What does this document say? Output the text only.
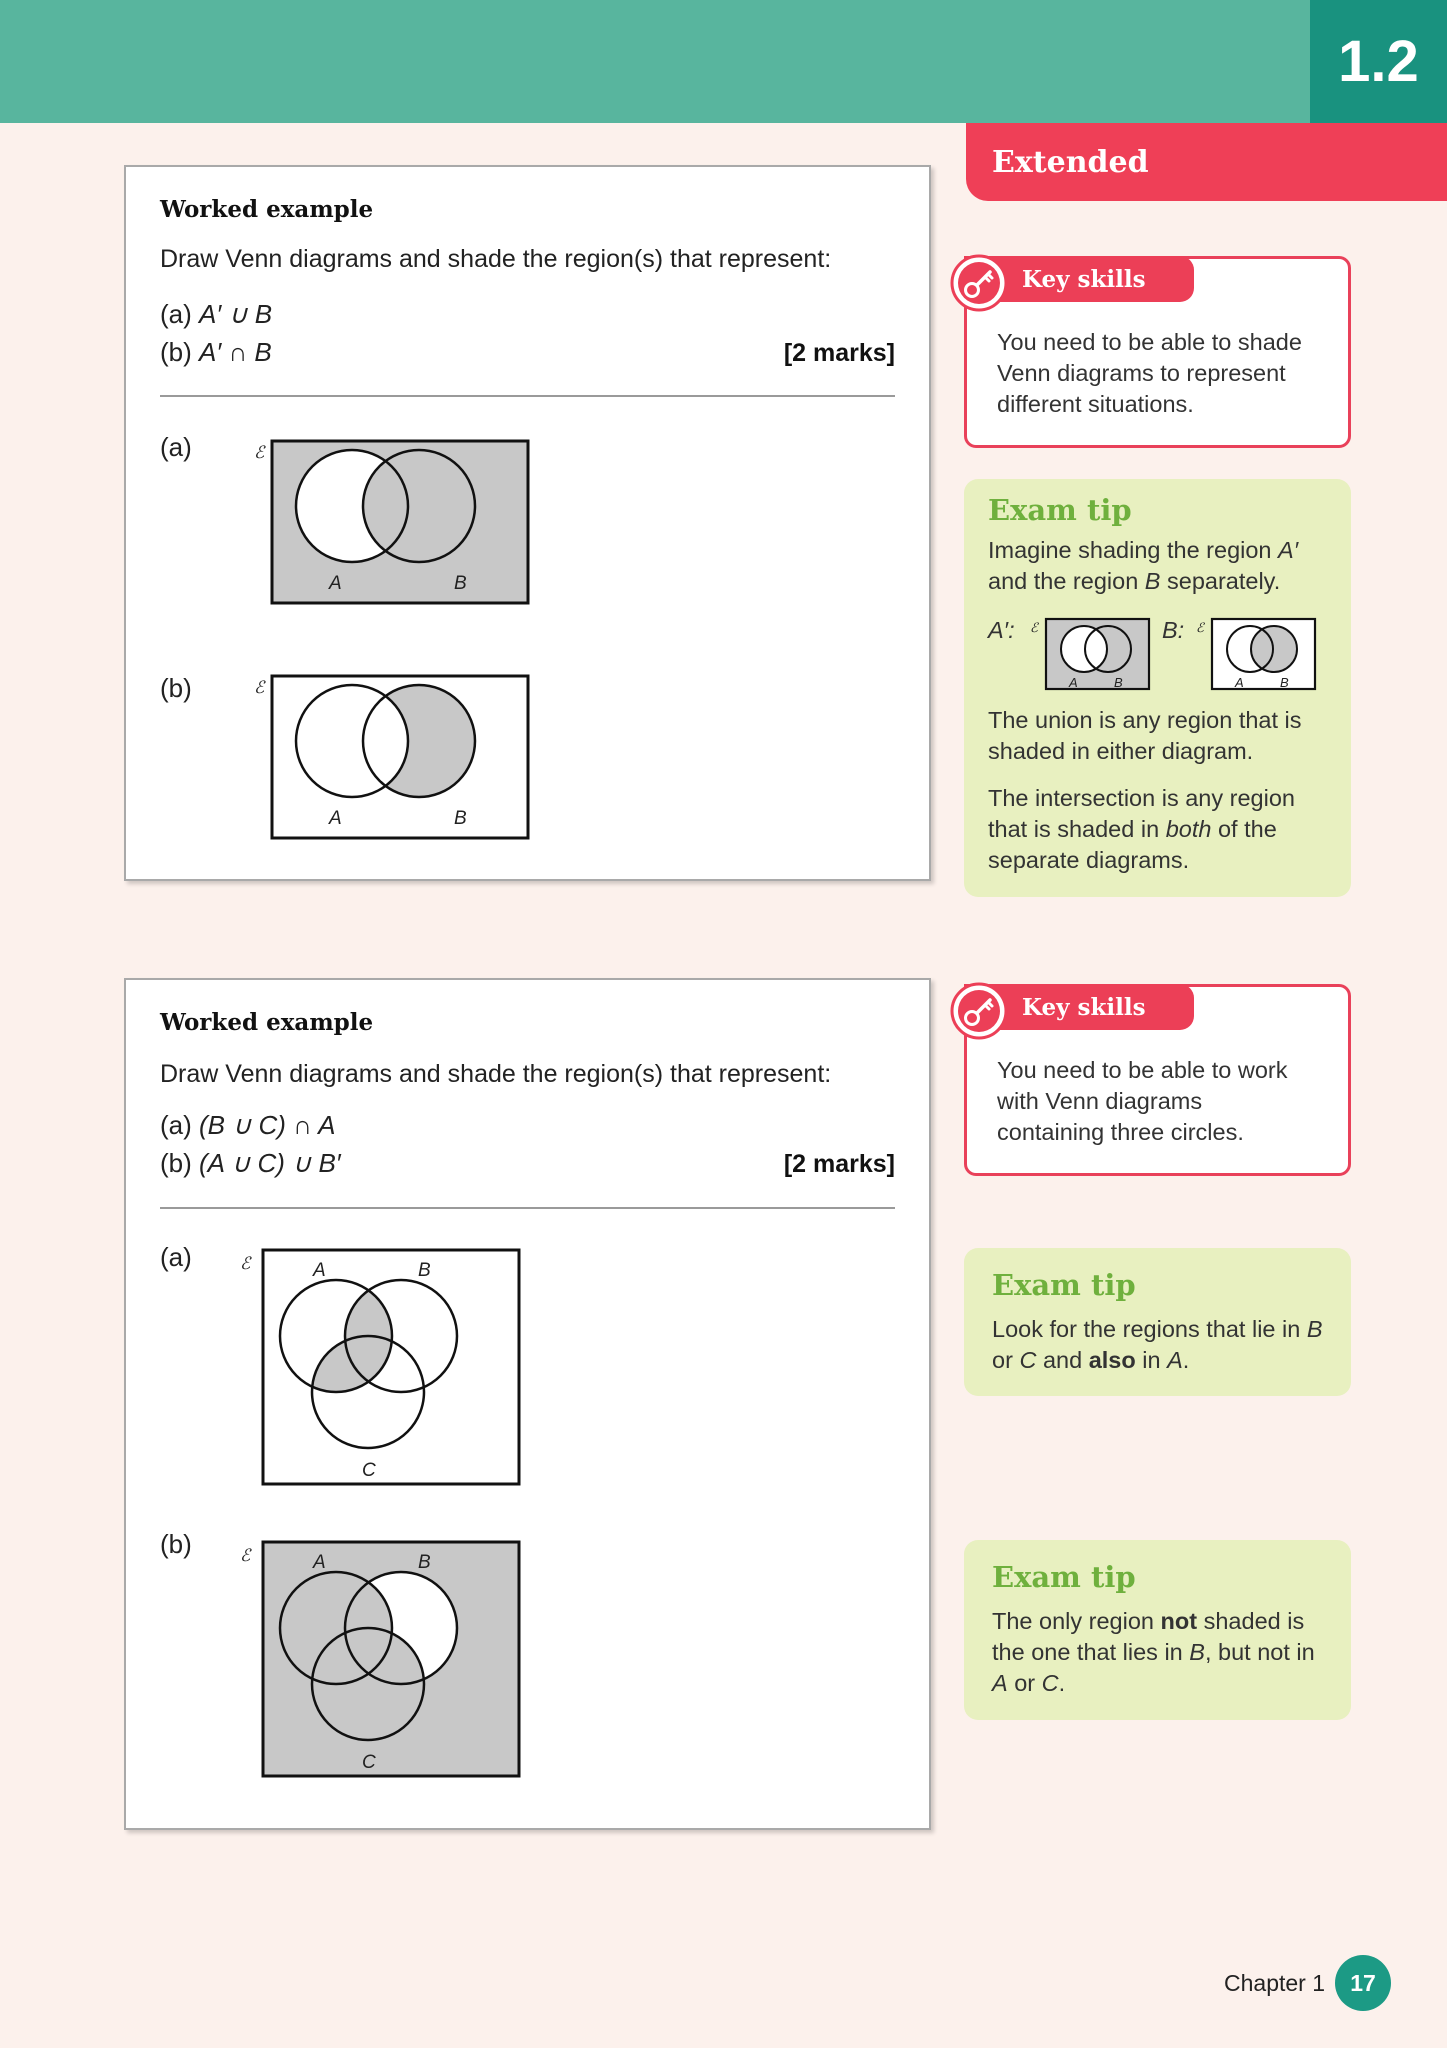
1.2
Extended
Worked example
Draw Venn diagrams and shade the region(s) that represent:
(a) A′ ∪ B
(b) A′ ∩ B	[2 marks]
(a)	ℰ
A	B
(b)	ℰ
A	B
Worked example
Draw Venn diagrams and shade the region(s) that represent:
(a) (B ∪ C) ∩ A
(b) (A ∪ C) ∪ B′	[2 marks]
(a)	ℰ	A	B
C
(b)	ℰ	A	B
C
Key skills
You need to be able to shade Venn diagrams to represent different situations.
Exam tip
Imagine shading the region A′ and the region B separately.
A′: ℰ
A	B
B: ℰ
A	B
The union is any region that is shaded in either diagram.
The intersection is any region that is shaded in both of the separate diagrams.
Key skills
You need to be able to work with Venn diagrams containing three circles.
Exam tip
Look for the regions that lie in B or C and also in A.
Exam tip
The only region not shaded is the one that lies in B, but not in A or C.
Chapter 1	17
